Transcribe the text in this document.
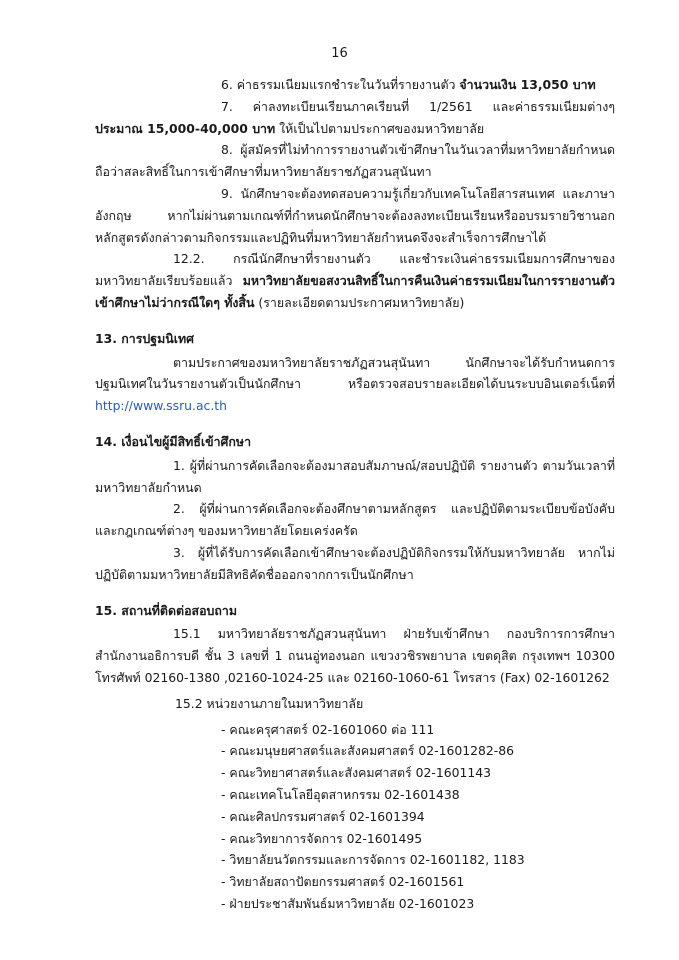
16

6. ค่าธรรมเนียมแรกชำระในวันที่รายงานตัว จำนวนเงิน 13,050 บาท

7. ค่าลงทะเบียนเรียนภาคเรียนที่ 1/2561 และค่าธรรมเนียมต่างๆ ประมาณ 15,000-40,000 บาท ให้เป็นไปตามประกาศของมหาวิทยาลัย

8. ผู้สมัครที่ไม่ทำการรายงานตัวเข้าศึกษาในวันเวลาที่มหาวิทยาลัยกำหนดถือว่าสละสิทธิ์ในการเข้าศึกษาที่มหาวิทยาลัยราชภัฏสวนสุนันทา

9. นักศึกษาจะต้องทดสอบความรู้เกี่ยวกับเทคโนโลยีสารสนเทศ และภาษาอังกฤษ หากไม่ผ่านตามเกณฑ์ที่กำหนดนักศึกษาจะต้องลงทะเบียนเรียนหรืออบรมรายวิชานอกหลักสูตรดังกล่าวตามกิจกรรมและปฏิทินที่มหาวิทยาลัยกำหนดจึงจะสำเร็จการศึกษาได้

12.2. กรณีนักศึกษาที่รายงานตัว และชำระเงินค่าธรรมเนียมการศึกษาของมหาวิทยาลัยเรียบร้อยแล้ว มหาวิทยาลัยขอสงวนสิทธิ์ในการคืนเงินค่าธรรมเนียมในการรายงานตัวเข้าศึกษาไม่ว่ากรณีใดๆ ทั้งสิ้น (รายละเอียดตามประกาศมหาวิทยาลัย)

13. การปฐมนิเทศ

ตามประกาศของมหาวิทยาลัยราชภัฏสวนสุนันทา นักศึกษาจะได้รับกำหนดการปฐมนิเทศในวันรายงานตัวเป็นนักศึกษา หรือตรวจสอบรายละเอียดได้บนระบบอินเตอร์เน็ตที่ http://www.ssru.ac.th

14. เงื่อนไขผู้มีสิทธิ์เข้าศึกษา

1. ผู้ที่ผ่านการคัดเลือกจะต้องมาสอบสัมภาษณ์/สอบปฏิบัติ รายงานตัว ตามวันเวลาที่มหาวิทยาลัยกำหนด

2. ผู้ที่ผ่านการคัดเลือกจะต้องศึกษาตามหลักสูตร และปฏิบัติตามระเบียบข้อบังคับ และกฎเกณฑ์ต่างๆ ของมหาวิทยาลัยโดยเคร่งครัด

3. ผู้ที่ได้รับการคัดเลือกเข้าศึกษาจะต้องปฏิบัติกิจกรรมให้กับมหาวิทยาลัย หากไม่ปฏิบัติตามมหาวิทยาลัยมีสิทธิคัดชื่อออกจากการเป็นนักศึกษา

15. สถานที่ติดต่อสอบถาม

15.1 มหาวิทยาลัยราชภัฏสวนสุนันทา ฝ่ายรับเข้าศึกษา กองบริการการศึกษา สำนักงานอธิการบดี ชั้น 3 เลขที่ 1 ถนนอู่ทองนอก แขวงวชิรพยาบาล เขตดุสิต กรุงเทพฯ 10300 โทรศัพท์ 02160-1380 ,02160-1024-25 และ 02160-1060-61 โทรสาร (Fax) 02-1601262

15.2 หน่วยงานภายในมหาวิทยาลัย

- คณะครุศาสตร์ 02-1601060 ต่อ 111

- คณะมนุษยศาสตร์และสังคมศาสตร์ 02-1601282-86

- คณะวิทยาศาสตร์และสังคมศาสตร์ 02-1601143

- คณะเทคโนโลยีอุตสาหกรรม 02-1601438

- คณะศิลปกรรมศาสตร์ 02-1601394

- คณะวิทยาการจัดการ 02-1601495

- วิทยาลัยนวัตกรรมและการจัดการ 02-1601182, 1183

- วิทยาลัยสถาปัตยกรรมศาสตร์ 02-1601561

- ฝ่ายประชาสัมพันธ์มหาวิทยาลัย 02-1601023
